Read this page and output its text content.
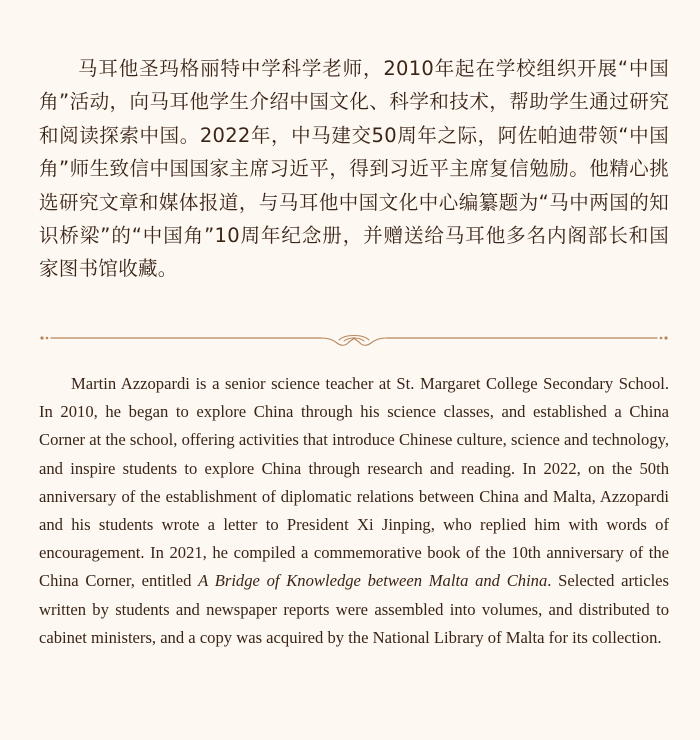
马耳他圣玛格丽特中学科学老师，2010年起在学校组织开展“中国角”活动，向马耳他学生介绍中国文化、科学和技术，帮助学生通过研究和阅读探索中国。2022年，中马建交50周年之际，阿佐帕迪带领“中国角”师生致信中国国家主席习近平，得到习近平主席复信勉励。他精心挑选研究文章和媒体报道，与马耳他中国文化中心编纂题为“马中两国的知识桥梁”的“中国角”10周年纪念册，并赠送给马耳他多名内阁部长和国家图书馆收藏。

Martin Azzopardi is a senior science teacher at St. Margaret College Secondary School. In 2010, he began to explore China through his science classes, and established a China Corner at the school, offering activities that introduce Chinese culture, science and technology, and inspire students to explore China through research and reading. In 2022, on the 50th anniversary of the establishment of diplomatic relations between China and Malta, Azzopardi and his students wrote a letter to President Xi Jinping, who replied him with words of encouragement. In 2021, he compiled a commemorative book of the 10th anniversary of the China Corner, entitled A Bridge of Knowledge between Malta and China. Selected articles written by students and newspaper reports were assembled into volumes, and distributed to cabinet ministers, and a copy was acquired by the National Library of Malta for its collection.
